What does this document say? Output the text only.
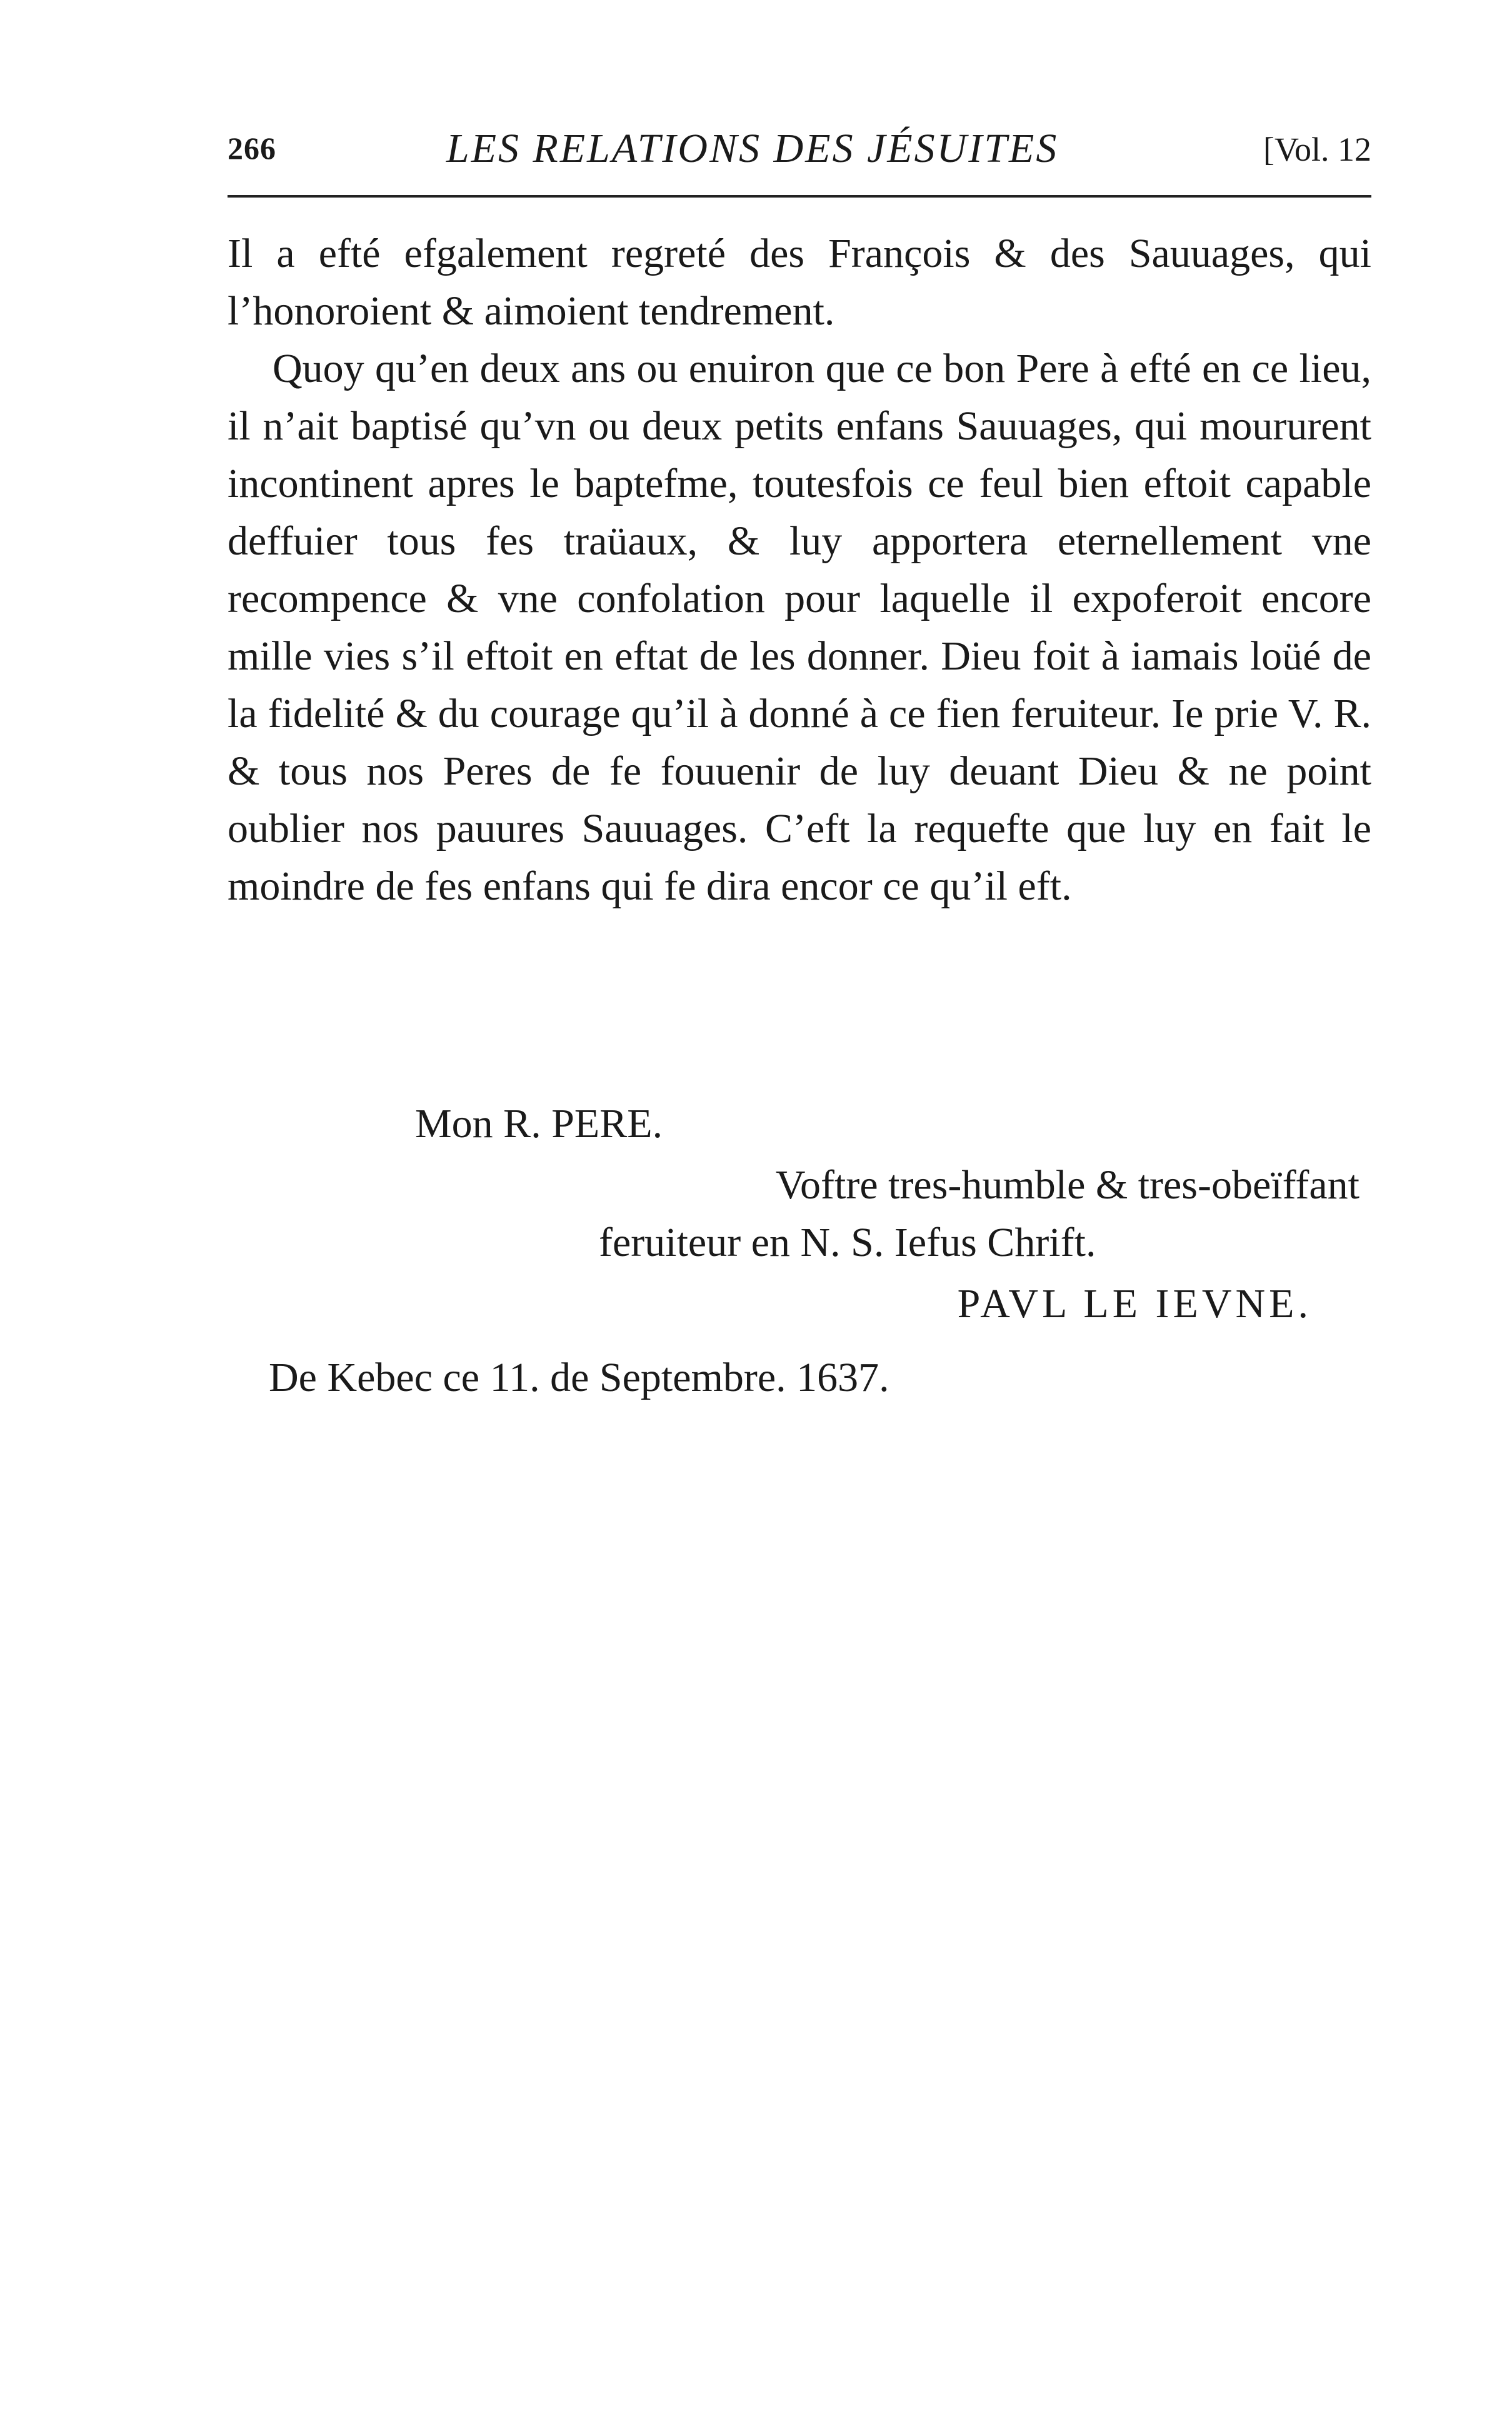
266	LES RELATIONS DES JÉSUITES	[Vol. 12

Il a efté efgalement regreté des François & des Sauuages, qui l’honoroient & aimoient tendrement.

Quoy qu’en deux ans ou enuiron que ce bon Pere à efté en ce lieu, il n’ait baptisé qu’vn ou deux petits enfans Sauuages, qui moururent incontinent apres le baptefme, toutesfois ce feul bien eftoit capable deffuier tous fes traüaux, & luy apportera eternellement vne recompence & vne confolation pour laquelle il expoferoit encore mille vies s’il eftoit en eftat de les donner. Dieu foit à iamais loüé de la fidelité & du courage qu’il à donné à ce fien feruiteur. Ie prie V. R. & tous nos Peres de fe fouuenir de luy deuant Dieu & ne point oublier nos pauures Sauuages. C’eft la requefte que luy en fait le moindre de fes enfans qui fe dira encor ce qu’il eft.

Mon R. PERE.
Voftre tres-humble & tres-obeïffant
feruiteur en N. S. Iefus Chrift.
PAVL LE IEVNE.
De Kebec ce 11. de Septembre. 1637.
